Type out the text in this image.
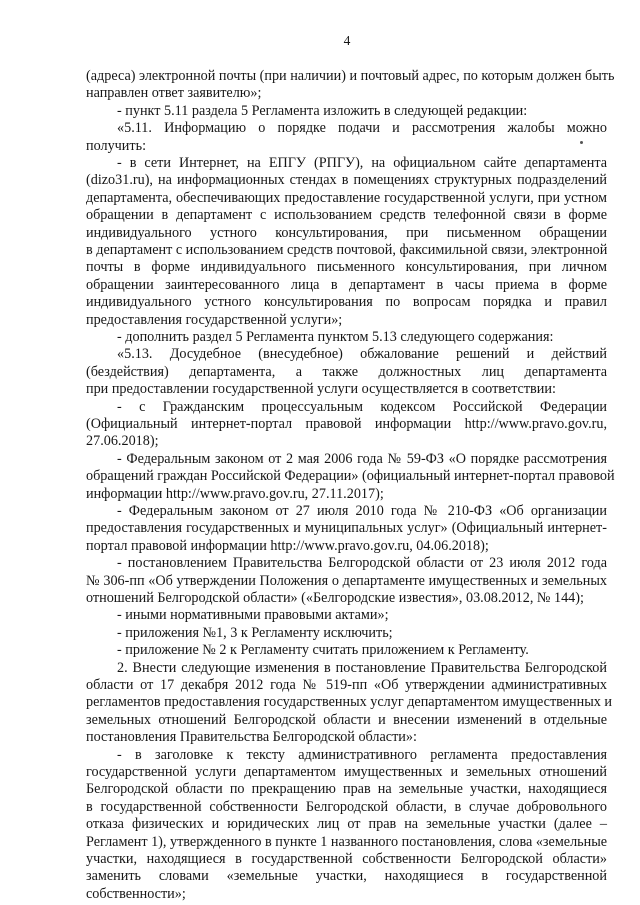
4
(адреса) электронной почты (при наличии) и почтовый адрес, по которым должен быть
направлен ответ заявителю»;
- пункт 5.11 раздела 5 Регламента изложить в следующей редакции:
«5.11. Информацию о порядке подачи и рассмотрения жалобы можно
получить:
- в сети Интернет, на ЕПГУ (РПГУ), на официальном сайте департамента
(dizo31.ru), на информационных стендах в помещениях структурных подразделений
департамента, обеспечивающих предоставление государственной услуги, при устном
обращении в департамент с использованием средств телефонной связи в форме
индивидуального устного консультирования, при письменном обращении
в департамент с использованием средств почтовой, факсимильной связи, электронной
почты в форме индивидуального письменного консультирования, при личном
обращении заинтересованного лица в департамент в часы приема в форме
индивидуального устного консультирования по вопросам порядка и правил
предоставления государственной услуги»;
- дополнить раздел 5 Регламента пунктом 5.13 следующего содержания:
«5.13. Досудебное (внесудебное) обжалование решений и действий
(бездействия) департамента, а также должностных лиц департамента
при предоставлении государственной услуги осуществляется в соответствии:
- с Гражданским процессуальным кодексом Российской Федерации
(Официальный интернет-портал правовой информации http://www.pravo.gov.ru,
27.06.2018);
- Федеральным законом от 2 мая 2006 года № 59-ФЗ «О порядке рассмотрения
обращений граждан Российской Федерации» (официальный интернет-портал правовой
информации http://www.pravo.gov.ru, 27.11.2017);
- Федеральным законом от 27 июля 2010 года № 210-ФЗ «Об организации
предоставления государственных и муниципальных услуг» (Официальный интернет-
портал правовой информации http://www.pravo.gov.ru, 04.06.2018);
- постановлением Правительства Белгородской области от 23 июля 2012 года
№ 306-пп «Об утверждении Положения о департаменте имущественных и земельных
отношений Белгородской области» («Белгородские известия», 03.08.2012, № 144);
- иными нормативными правовыми актами»;
- приложения №1, 3 к Регламенту исключить;
- приложение № 2 к Регламенту считать приложением к Регламенту.
2. Внести следующие изменения в постановление Правительства Белгородской
области от 17 декабря 2012 года № 519-пп «Об утверждении административных
регламентов предоставления государственных услуг департаментом имущественных и
земельных отношений Белгородской области и внесении изменений в отдельные
постановления Правительства Белгородской области»:
- в заголовке к тексту административного регламента предоставления
государственной услуги департаментом имущественных и земельных отношений
Белгородской области по прекращению прав на земельные участки, находящиеся
в государственной собственности Белгородской области, в случае добровольного
отказа физических и юридических лиц от прав на земельные участки (далее –
Регламент 1), утвержденного в пункте 1 названного постановления, слова «земельные
участки, находящиеся в государственной собственности Белгородской области»
заменить словами «земельные участки, находящиеся в государственной
собственности»;
